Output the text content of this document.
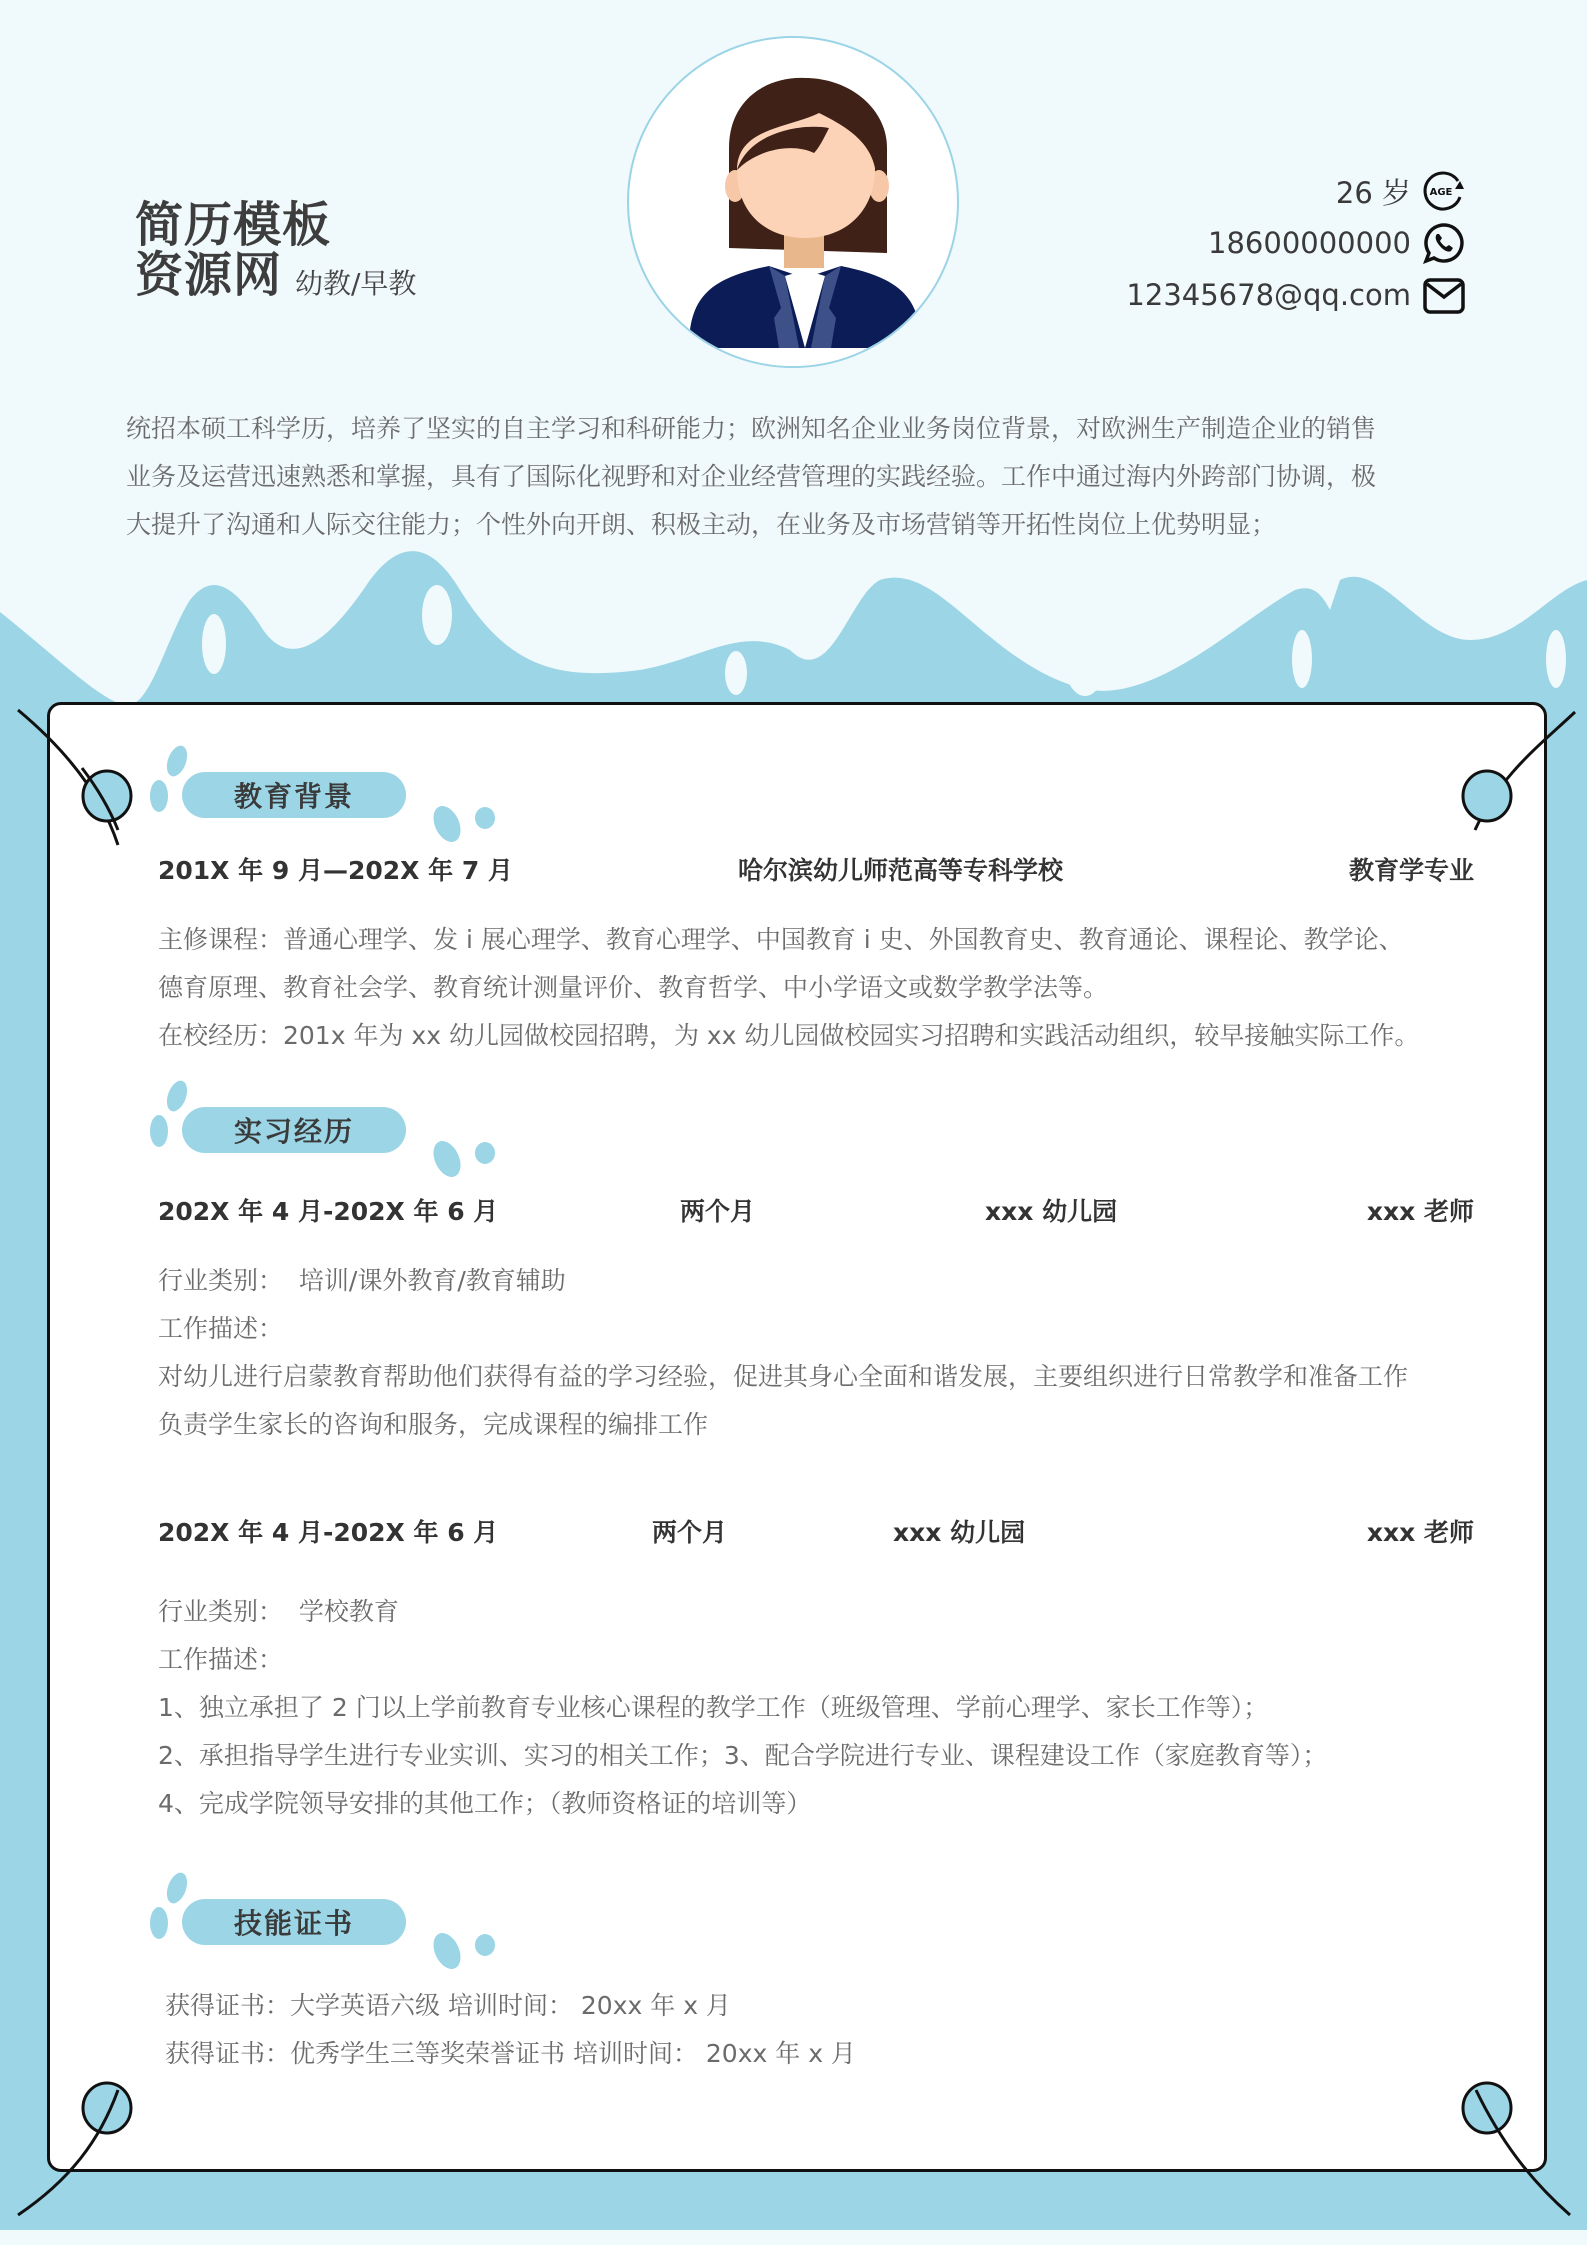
简历模板
资源网 幼教/早教
26 岁 AGE
18600000000
12345678@qq.com
统招本硕工科学历，培养了坚实的自主学习和科研能力；欧洲知名企业业务岗位背景，对欧洲生产制造企业的销售
业务及运营迅速熟悉和掌握，具有了国际化视野和对企业经营管理的实践经验。工作中通过海内外跨部门协调，极
大提升了沟通和人际交往能力；个性外向开朗、积极主动，在业务及市场营销等开拓性岗位上优势明显；
教育背景
201X 年 9 月—202X 年 7 月	哈尔滨幼儿师范高等专科学校	教育学专业
主修课程：普通心理学、发 i 展心理学、教育心理学、中国教育 i 史、外国教育史、教育通论、课程论、教学论、
德育原理、教育社会学、教育统计测量评价、教育哲学、中小学语文或数学教学法等。
在校经历：201x 年为 xx 幼儿园做校园招聘，为 xx 幼儿园做校园实习招聘和实践活动组织，较早接触实际工作。
实习经历
202X 年 4 月-202X 年 6 月	两个月	xxx 幼儿园	xxx 老师
行业类别： 培训/课外教育/教育辅助
工作描述：
对幼儿进行启蒙教育帮助他们获得有益的学习经验，促进其身心全面和谐发展，主要组织进行日常教学和准备工作
负责学生家长的咨询和服务，完成课程的编排工作
202X 年 4 月-202X 年 6 月	两个月	xxx 幼儿园	xxx 老师
行业类别： 学校教育
工作描述：
1、独立承担了 2 门以上学前教育专业核心课程的教学工作（班级管理、学前心理学、家长工作等）；
2、承担指导学生进行专业实训、实习的相关工作；3、配合学院进行专业、课程建设工作（家庭教育等）；
4、完成学院领导安排的其他工作；（教师资格证的培训等）
技能证书
获得证书：大学英语六级 培训时间： 20xx 年 x 月
获得证书：优秀学生三等奖荣誉证书 培训时间： 20xx 年 x 月
